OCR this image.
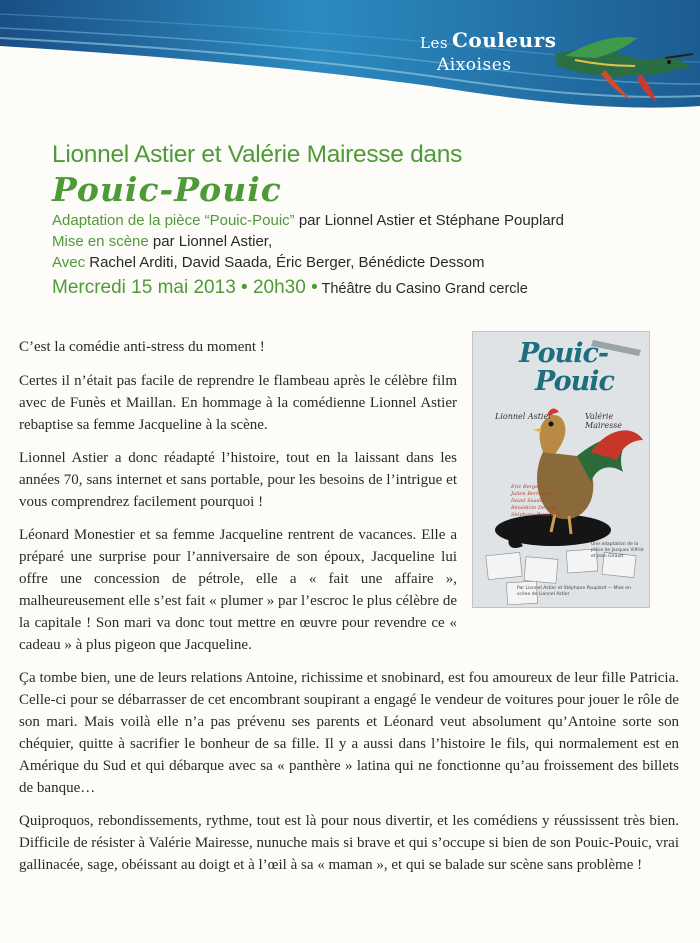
Les Couleurs
Aixoises

Lionnel Astier et Valérie Mairesse dans

Pouic-Pouic

Adaptation de la pièce “Pouic-Pouic” par Lionnel Astier et Stéphane Pouplard

Mise en scène par Lionnel Astier,

Avec Rachel Arditi, David Saada, Éric Berger, Bénédicte Dessom

Mercredi 15 mai 2013 • 20h30 • Théâtre du Casino Grand cercle

Pouic-
Pouic
Lionnel Astier	Valérie Mairesse
Eric Berger
Julien Berthoux
David Saada
Bénédicte Dessom
Stéphane Pouplard
Une adaptation de la pièce de Jacques Vilfrid et Jean Girault
Par Lionnel Astier et Stéphane Pouplard — Mise en scène de Lionnel Astier

C’est la comédie anti-stress du moment !

Certes il n’était pas facile de reprendre le flambeau après le célèbre film avec de Funès et Maillan. En hommage à la comédienne Lionnel Astier rebaptise sa femme Jacqueline à la scène.

Lionnel Astier a donc réadapté l’histoire, tout en la laissant dans les années 70, sans internet et sans portable, pour les besoins de l’intrigue et vous comprendrez facilement pourquoi !

Léonard Monestier et sa femme Jacqueline rentrent de vacances. Elle a préparé une surprise pour l’anniversaire de son époux, Jacqueline lui offre une concession de pétrole, elle a « fait une affaire », malheureusement elle s’est fait « plumer » par l’escroc le plus célèbre de la capitale ! Son mari va donc tout mettre en œuvre pour revendre ce « cadeau » à plus pigeon que Jacqueline.

Ça tombe bien, une de leurs relations Antoine, richissime et snobinard, est fou amoureux de leur fille Patricia. Celle-ci pour se débarrasser de cet encombrant soupirant a engagé le vendeur de voitures pour jouer le rôle de son mari. Mais voilà elle n’a pas prévenu ses parents et Léonard veut absolument qu’Antoine sorte son chéquier, quitte à sacrifier le bonheur de sa fille. Il y a aussi dans l’histoire le fils, qui normalement est en Amérique du Sud et qui débarque avec sa « panthère » latina qui ne fonctionne qu’au froissement des billets de banque…

Quiproquos, rebondissements, rythme, tout est là pour nous divertir, et les comédiens y réussissent très bien. Difficile de résister à Valérie Mairesse, nunuche mais si brave et qui s’occupe si bien de son Pouic-Pouic, vrai gallinacée, sage, obéissant au doigt et à l’œil à sa « maman », et qui se balade sur scène sans problème !
